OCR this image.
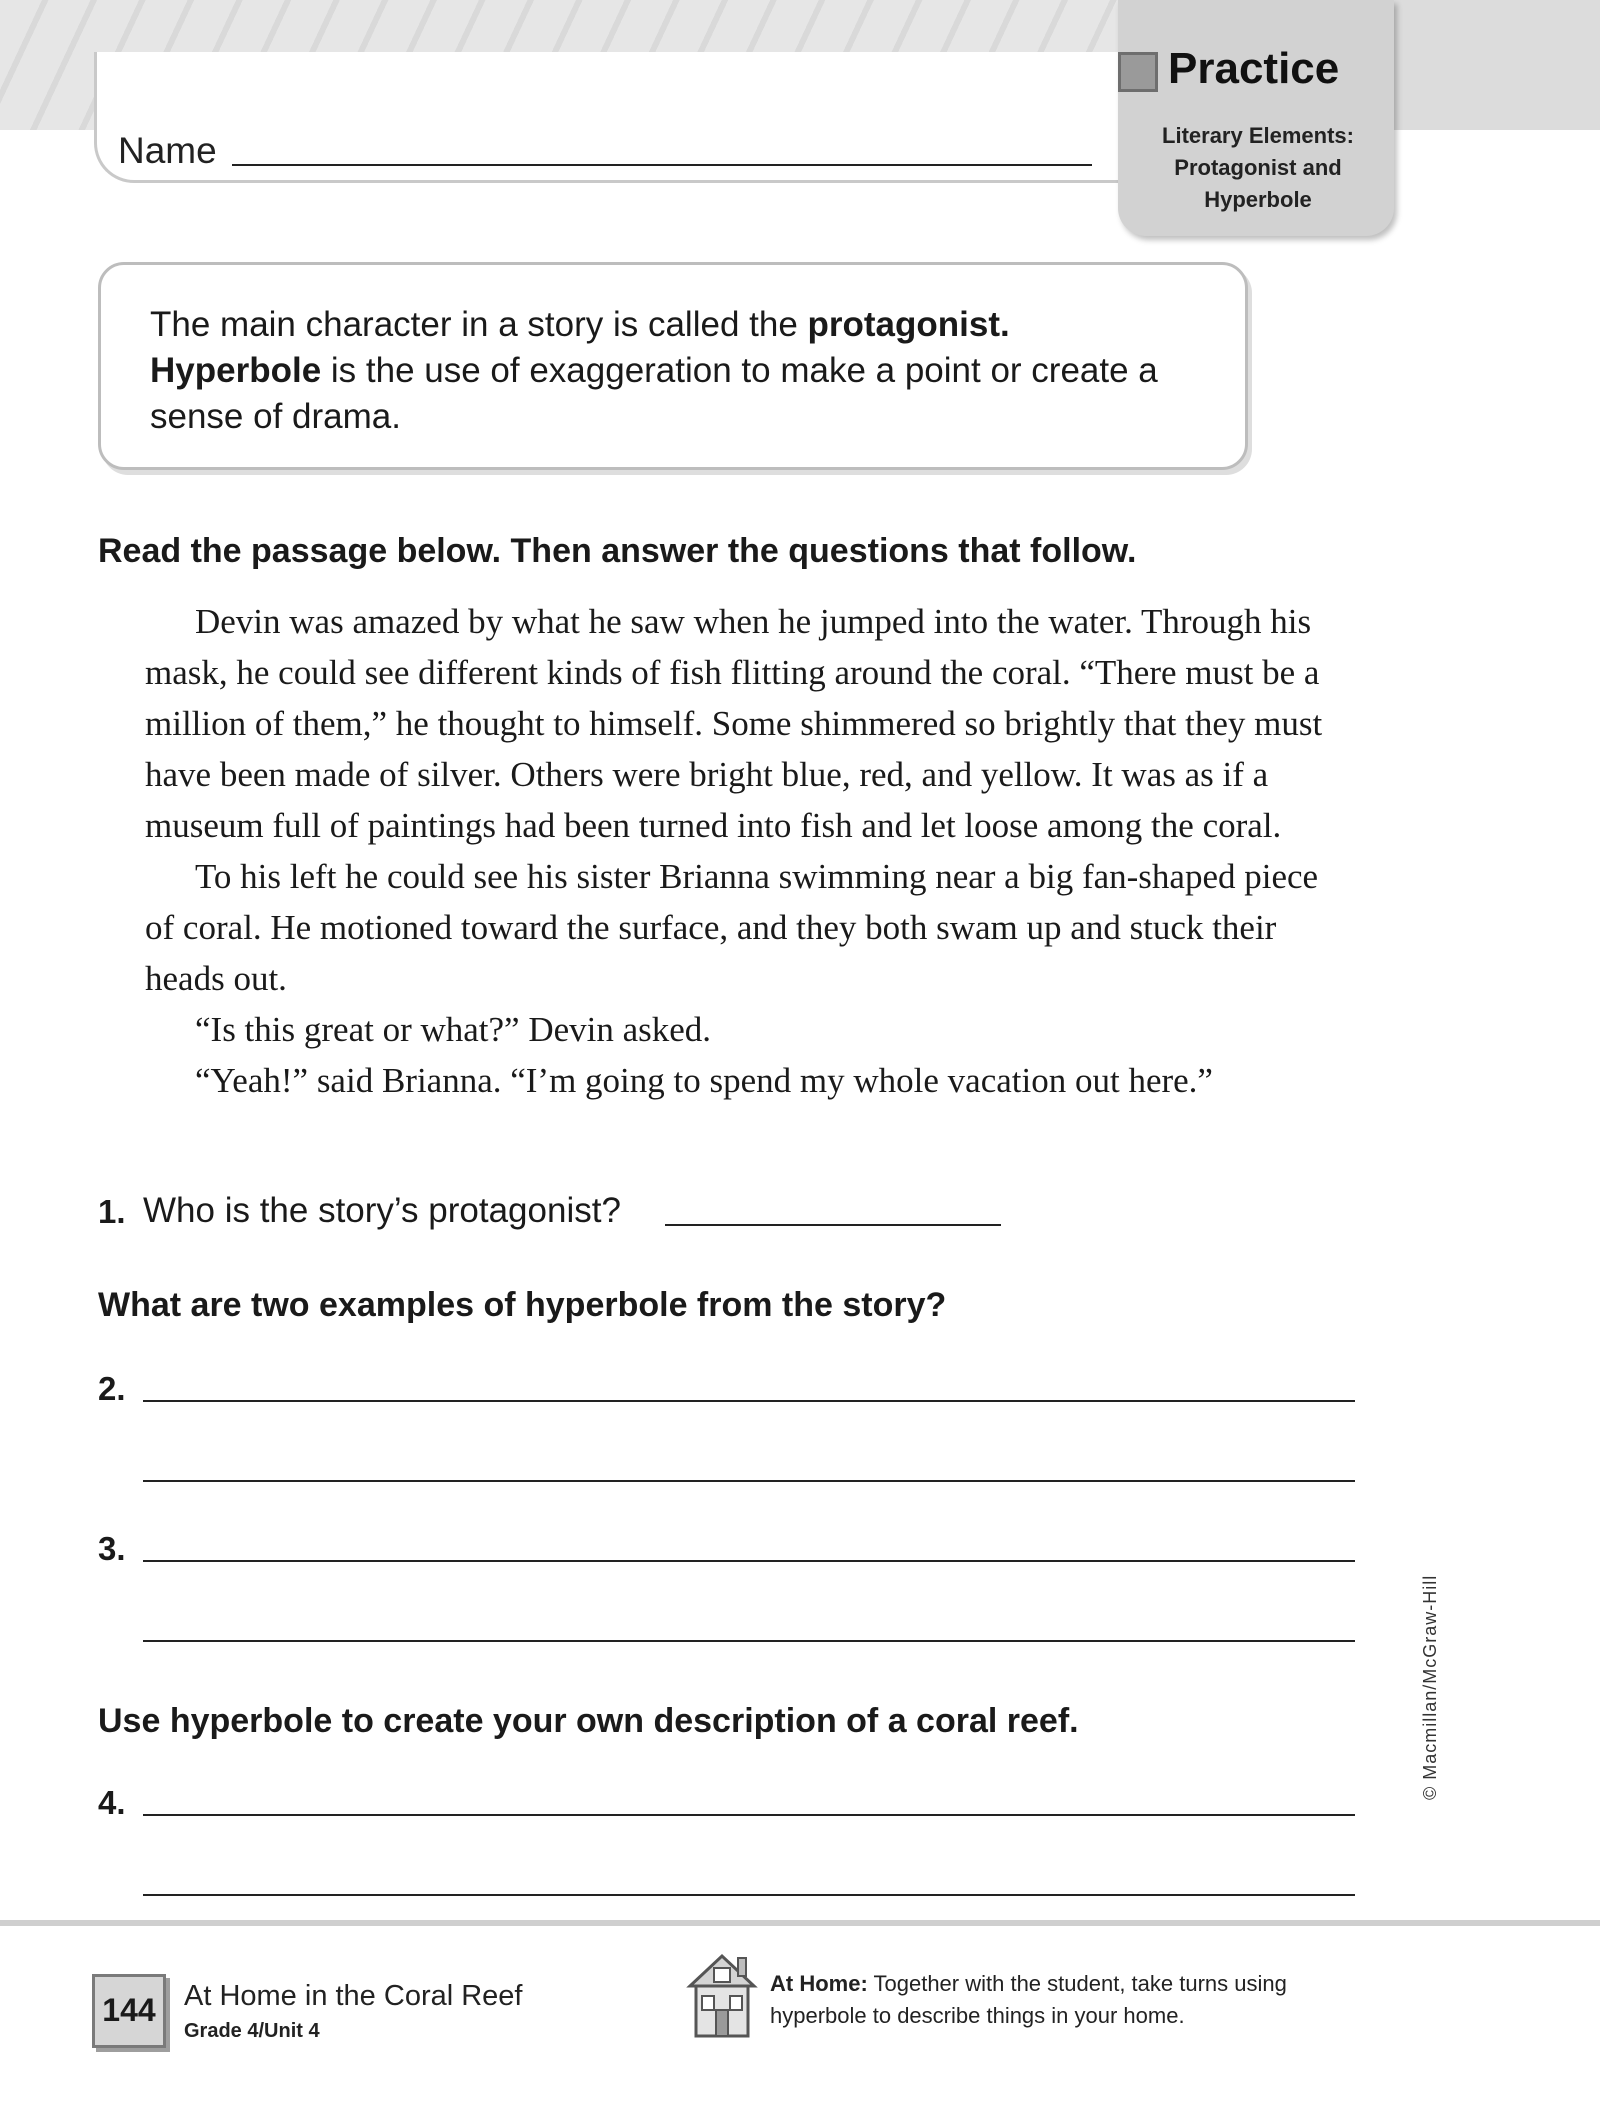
Name
Practice
Literary Elements:
Protagonist and
Hyperbole
The main character in a story is called the protagonist.
Hyperbole is the use of exaggeration to make a point or create a sense of drama.
Read the passage below. Then answer the questions that follow.

Devin was amazed by what he saw when he jumped into the water. Through his mask, he could see different kinds of fish flitting around the coral. “There must be a million of them,” he thought to himself. Some shimmered so brightly that they must have been made of silver. Others were bright blue, red, and yellow. It was as if a museum full of paintings had been turned into fish and let loose among the coral.

To his left he could see his sister Brianna swimming near a big fan-shaped piece of coral. He motioned toward the surface, and they both swam up and stuck their heads out.

“Is this great or what?” Devin asked.

“Yeah!” said Brianna. “I’m going to spend my whole vacation out here.”

1. Who is the story’s protagonist?
What are two examples of hyperbole from the story?
2.
3.
Use hyperbole to create your own description of a coral reef.
4.
© Macmillan/McGraw-Hill
144 At Home in the Coral Reef
Grade 4/Unit 4
At Home: Together with the student, take turns using hyperbole to describe things in your home.
